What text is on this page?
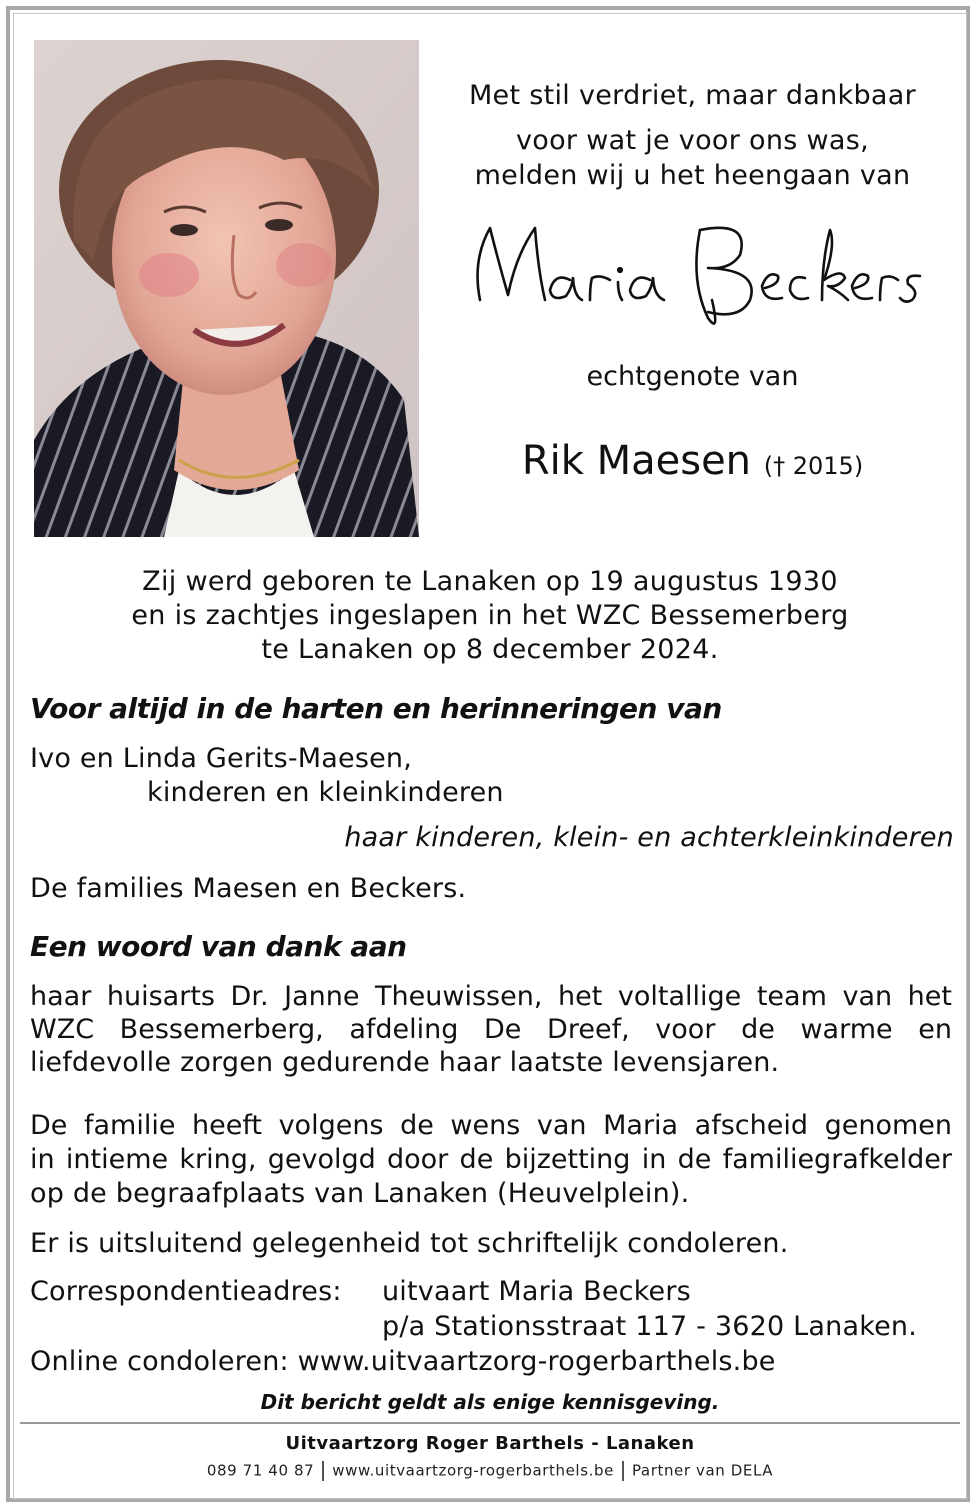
Met stil verdriet, maar dankbaar
voor wat je voor ons was,
melden wij u het heengaan van
echtgenote van
Rik Maesen († 2015)
Zij werd geboren te Lanaken op 19 augustus 1930
en is zachtjes ingeslapen in het WZC Bessemerberg
te Lanaken op 8 december 2024.
Voor altijd in de harten en herinneringen van
Ivo en Linda Gerits-Maesen,
kinderen en kleinkinderen
haar kinderen, klein- en achterkleinkinderen
De families Maesen en Beckers.
Een woord van dank aan
haar huisarts Dr. Janne Theuwissen, het voltallige team van het
WZC Bessemerberg, afdeling De Dreef, voor de warme en
liefdevolle zorgen gedurende haar laatste levensjaren.
De familie heeft volgens de wens van Maria afscheid genomen
in intieme kring, gevolgd door de bijzetting in de familiegrafkelder
op de begraafplaats van Lanaken (Heuvelplein).
Er is uitsluitend gelegenheid tot schriftelijk condoleren.
Correspondentieadres: uitvaart Maria Beckers
p/a Stationsstraat 117 - 3620 Lanaken.
Online condoleren: www.uitvaartzorg-rogerbarthels.be
Dit bericht geldt als enige kennisgeving.
Uitvaartzorg Roger Barthels - Lanaken
089 71 40 87 www.uitvaartzorg-rogerbarthels.be Partner van DELA
